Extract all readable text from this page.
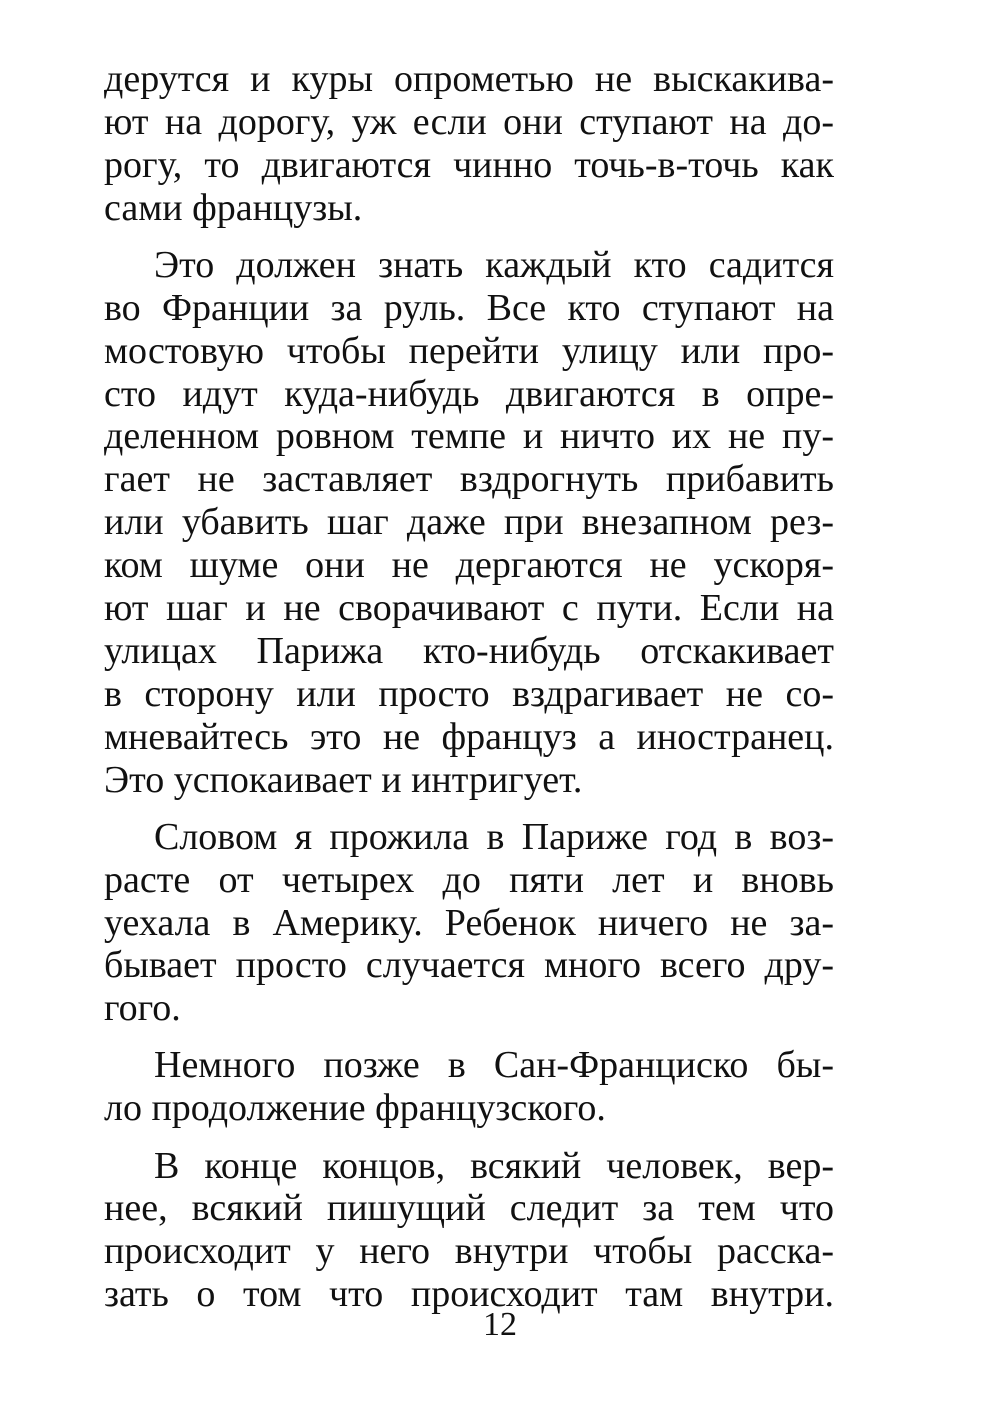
дерутся и куры опрометью не выскакива-
ют на дорогу, уж если они ступают на до-
рогу, то двигаются чинно точь-в-точь как
сами французы.
Это должен знать каждый кто садится
во Франции за руль. Все кто ступают на
мостовую чтобы перейти улицу или про-
сто идут куда-нибудь двигаются в опре-
деленном ровном темпе и ничто их не пу-
гает не заставляет вздрогнуть прибавить
или убавить шаг даже при внезапном рез-
ком шуме они не дергаются не ускоря-
ют шаг и не сворачивают с пути. Если на
улицах Парижа кто-нибудь отскакивает
в сторону или просто вздрагивает не со-
мневайтесь это не француз а иностранец.
Это успокаивает и интригует.
Словом я прожила в Париже год в воз-
расте от четырех до пяти лет и вновь
уехала в Америку. Ребенок ничего не за-
бывает просто случается много всего дру-
гого.
Немного позже в Сан-Франциско бы-
ло продолжение французского.
В конце концов, всякий человек, вер-
нее, всякий пишущий следит за тем что
происходит у него внутри чтобы расска-
зать о том что происходит там внутри.
12
